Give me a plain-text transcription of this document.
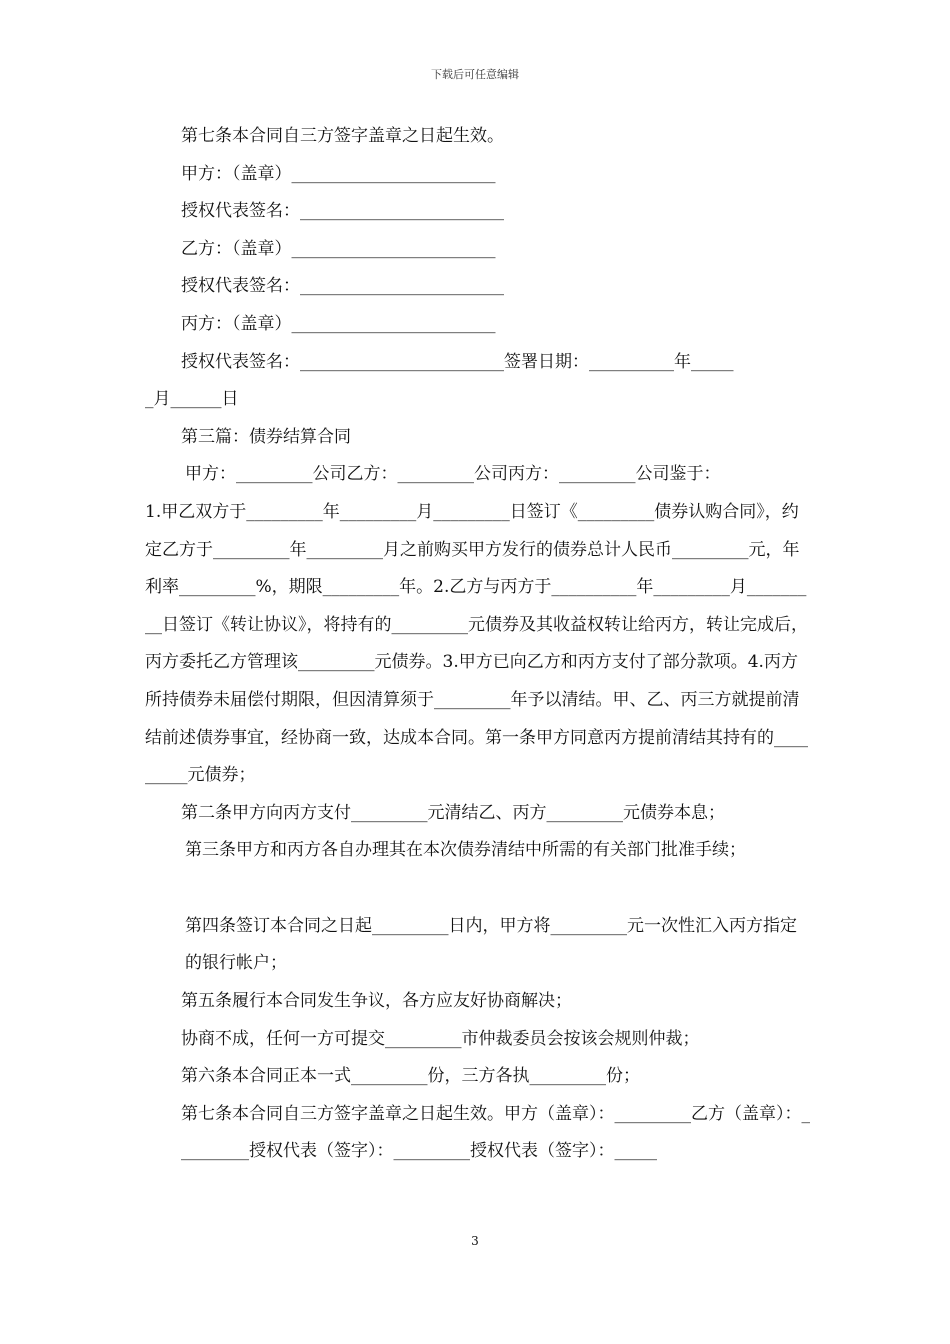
下载后可任意编辑

第七条本合同自三方签字盖章之日起生效。

甲方：（盖章）________________________

授权代表签名：________________________

乙方：（盖章）________________________

授权代表签名：________________________

丙方：（盖章）________________________

授权代表签名：________________________签署日期：__________年_____

_月______日

第三篇：债券结算合同

甲方：_________公司乙方：_________公司丙方：_________公司鉴于：

1.甲乙双方于_________年_________月_________日签订《_________债券认购合同》，约定乙方于_________年_________月之前购买甲方发行的债券总计人民币_________元，年利率_________%，期限_________年。2.乙方与丙方于__________年_________月_________日签订《转让协议》，将持有的_________元债券及其收益权转让给丙方，转让完成后，丙方委托乙方管理该_________元债券。3.甲方已向乙方和丙方支付了部分款项。4.丙方所持债券未届偿付期限，但因清算须于_________年予以清结。甲、乙、丙三方就提前清结前述债券事宜，经协商一致，达成本合同。第一条甲方同意丙方提前清结其持有的_________元债券；

第二条甲方向丙方支付_________元清结乙、丙方_________元债券本息；

第三条甲方和丙方各自办理其在本次债券清结中所需的有关部门批准手续；

第四条签订本合同之日起_________日内，甲方将_________元一次性汇入丙方指定的银行帐户；

第五条履行本合同发生争议，各方应友好协商解决；

协商不成，任何一方可提交_________市仲裁委员会按该会规则仲裁；

第六条本合同正本一式_________份，三方各执_________份；

第七条本合同自三方签字盖章之日起生效。甲方（盖章）：_________乙方（盖章）：_________授权代表（签字）：_________授权代表（签字）：_____

3
